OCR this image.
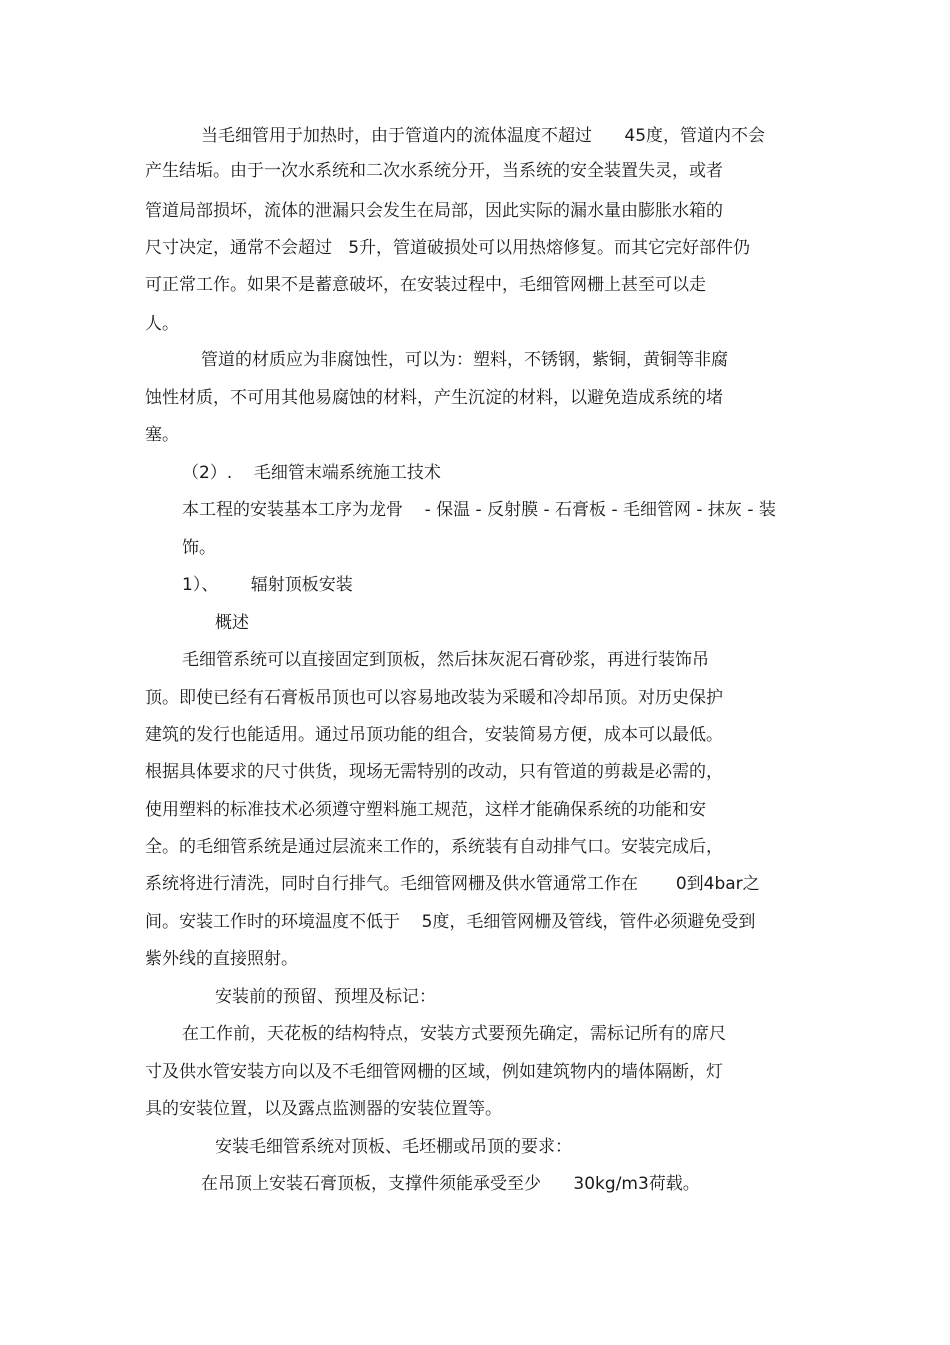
当毛细管用于加热时，由于管道内的流体温度不超过      45度，管道内不会

产生结垢。由于一次水系统和二次水系统分开，当系统的安全装置失灵，或者

管道局部损坏，流体的泄漏只会发生在局部，因此实际的漏水量由膨胀水箱的

尺寸决定，通常不会超过   5升，管道破损处可以用热熔修复。而其它完好部件仍

可正常工作。如果不是蓄意破坏，在安装过程中，毛细管网栅上甚至可以走

人。

管道的材质应为非腐蚀性，可以为：塑料，不锈钢，紫铜，黄铜等非腐

蚀性材质，不可用其他易腐蚀的材料，产生沉淀的材料，以避免造成系统的堵

塞。

（2）.    毛细管末端系统施工技术

本工程的安装基本工序为龙骨    - 保温 - 反射膜 - 石膏板 - 毛细管网 - 抹灰 - 装

饰。

1）、      辐射顶板安装

概述

毛细管系统可以直接固定到顶板，然后抹灰泥石膏砂浆，再进行装饰吊

顶。即使已经有石膏板吊顶也可以容易地改装为采暖和冷却吊顶。对历史保护

建筑的发行也能适用。通过吊顶功能的组合，安装简易方便，成本可以最低。

根据具体要求的尺寸供货，现场无需特别的改动，只有管道的剪裁是必需的，

使用塑料的标准技术必须遵守塑料施工规范，这样才能确保系统的功能和安

全。的毛细管系统是通过层流来工作的，系统装有自动排气口。安装完成后，

系统将进行清洗，同时自行排气。毛细管网栅及供水管通常工作在       0到4bar之

间。安装工作时的环境温度不低于    5度，毛细管网栅及管线，管件必须避免受到

紫外线的直接照射。

安装前的预留、预埋及标记：

在工作前，天花板的结构特点，安装方式要预先确定，需标记所有的席尺

寸及供水管安装方向以及不毛细管网栅的区域，例如建筑物内的墙体隔断，灯

具的安装位置，以及露点监测器的安装位置等。

安装毛细管系统对顶板、毛坯棚或吊顶的要求：

在吊顶上安装石膏顶板，支撑件须能承受至少      30kg/m3荷载。
